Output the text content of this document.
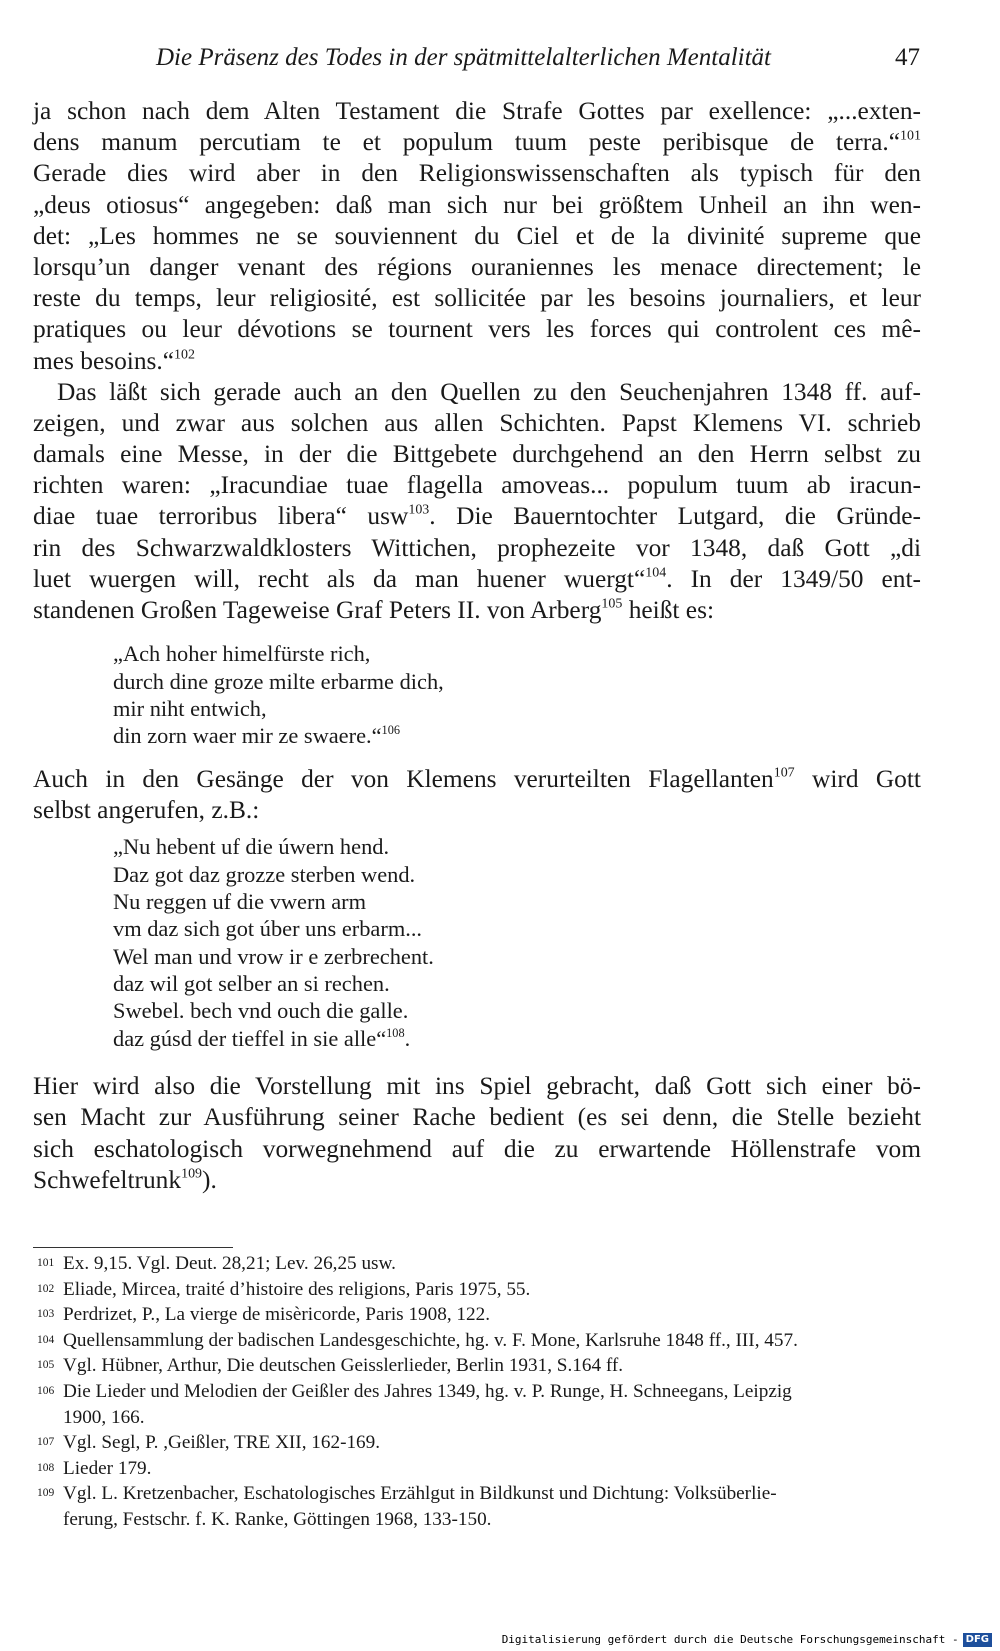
Die Präsenz des Todes in der spätmittelalterlichen Mentalität	47
ja schon nach dem Alten Testament die Strafe Gottes par exellence: „...exten-
dens manum percutiam te et populum tuum peste peribisque de terra.“$^{101}$
Gerade dies wird aber in den Religionswissenschaften als typisch für den
„deus otiosus“ angegeben: daß man sich nur bei größtem Unheil an ihn wen-
det: „Les hommes ne se souviennent du Ciel et de la divinité supreme que
lorsqu’un danger venant des régions ouraniennes les menace directement; le
reste du temps, leur religiosité, est sollicitée par les besoins journaliers, et leur
pratiques ou leur dévotions se tournent vers les forces qui controlent ces mê-
mes besoins.“$^{102}$
Das läßt sich gerade auch an den Quellen zu den Seuchenjahren 1348 ff. auf-
zeigen, und zwar aus solchen aus allen Schichten. Papst Klemens VI. schrieb
damals eine Messe, in der die Bittgebete durchgehend an den Herrn selbst zu
richten waren: „Iracundiae tuae flagella amoveas... populum tuum ab iracun-
diae tuae terroribus libera“ usw$^{103}$. Die Bauerntochter Lutgard, die Gründe-
rin des Schwarzwaldklosters Wittichen, prophezeite vor 1348, daß Gott „di
luet wuergen will, recht als da man huener wuergt“$^{104}$. In der 1349/50 ent-
standenen Großen Tageweise Graf Peters II. von Arberg$^{105}$ heißt es:
„Ach hoher himelfürste rich,
durch dine groze milte erbarme dich,
mir niht entwich,
din zorn waer mir ze swaere.“$^{106}$
Auch in den Gesänge der von Klemens verurteilten Flagellanten$^{107}$ wird Gott
selbst angerufen, z.B.:
„Nu hebent uf die úwern hend.
Daz got daz grozze sterben wend.
Nu reggen uf die vwern arm
vm daz sich got úber uns erbarm...
Wel man und vrow ir e zerbrechent.
daz wil got selber an si rechen.
Swebel. bech vnd ouch die galle.
daz gúsd der tieffel in sie alle“$^{108}$.
Hier wird also die Vorstellung mit ins Spiel gebracht, daß Gott sich einer bö-
sen Macht zur Ausführung seiner Rache bedient (es sei denn, die Stelle bezieht
sich eschatologisch vorwegnehmend auf die zu erwartende Höllenstrafe vom
Schwefeltrunk$^{109}$).
101 Ex. 9,15. Vgl. Deut. 28,21; Lev. 26,25 usw.
102 Eliade, Mircea, traité d’histoire des religions, Paris 1975, 55.
103 Perdrizet, P., La vierge de misèricorde, Paris 1908, 122.
104 Quellensammlung der badischen Landesgeschichte, hg. v. F. Mone, Karlsruhe 1848 ff., III, 457.
105 Vgl. Hübner, Arthur, Die deutschen Geisslerlieder, Berlin 1931, S.164 ff.
106 Die Lieder und Melodien der Geißler des Jahres 1349, hg. v. P. Runge, H. Schneegans, Leipzig
1900, 166.
107 Vgl. Segl, P. ,Geißler, TRE XII, 162-169.
108 Lieder 179.
109 Vgl. L. Kretzenbacher, Eschatologisches Erzählgut in Bildkunst und Dichtung: Volksüberlie-
ferung, Festschr. f. K. Ranke, Göttingen 1968, 133-150.
Digitalisierung gefördert durch die Deutsche Forschungsgemeinschaft - DFG
